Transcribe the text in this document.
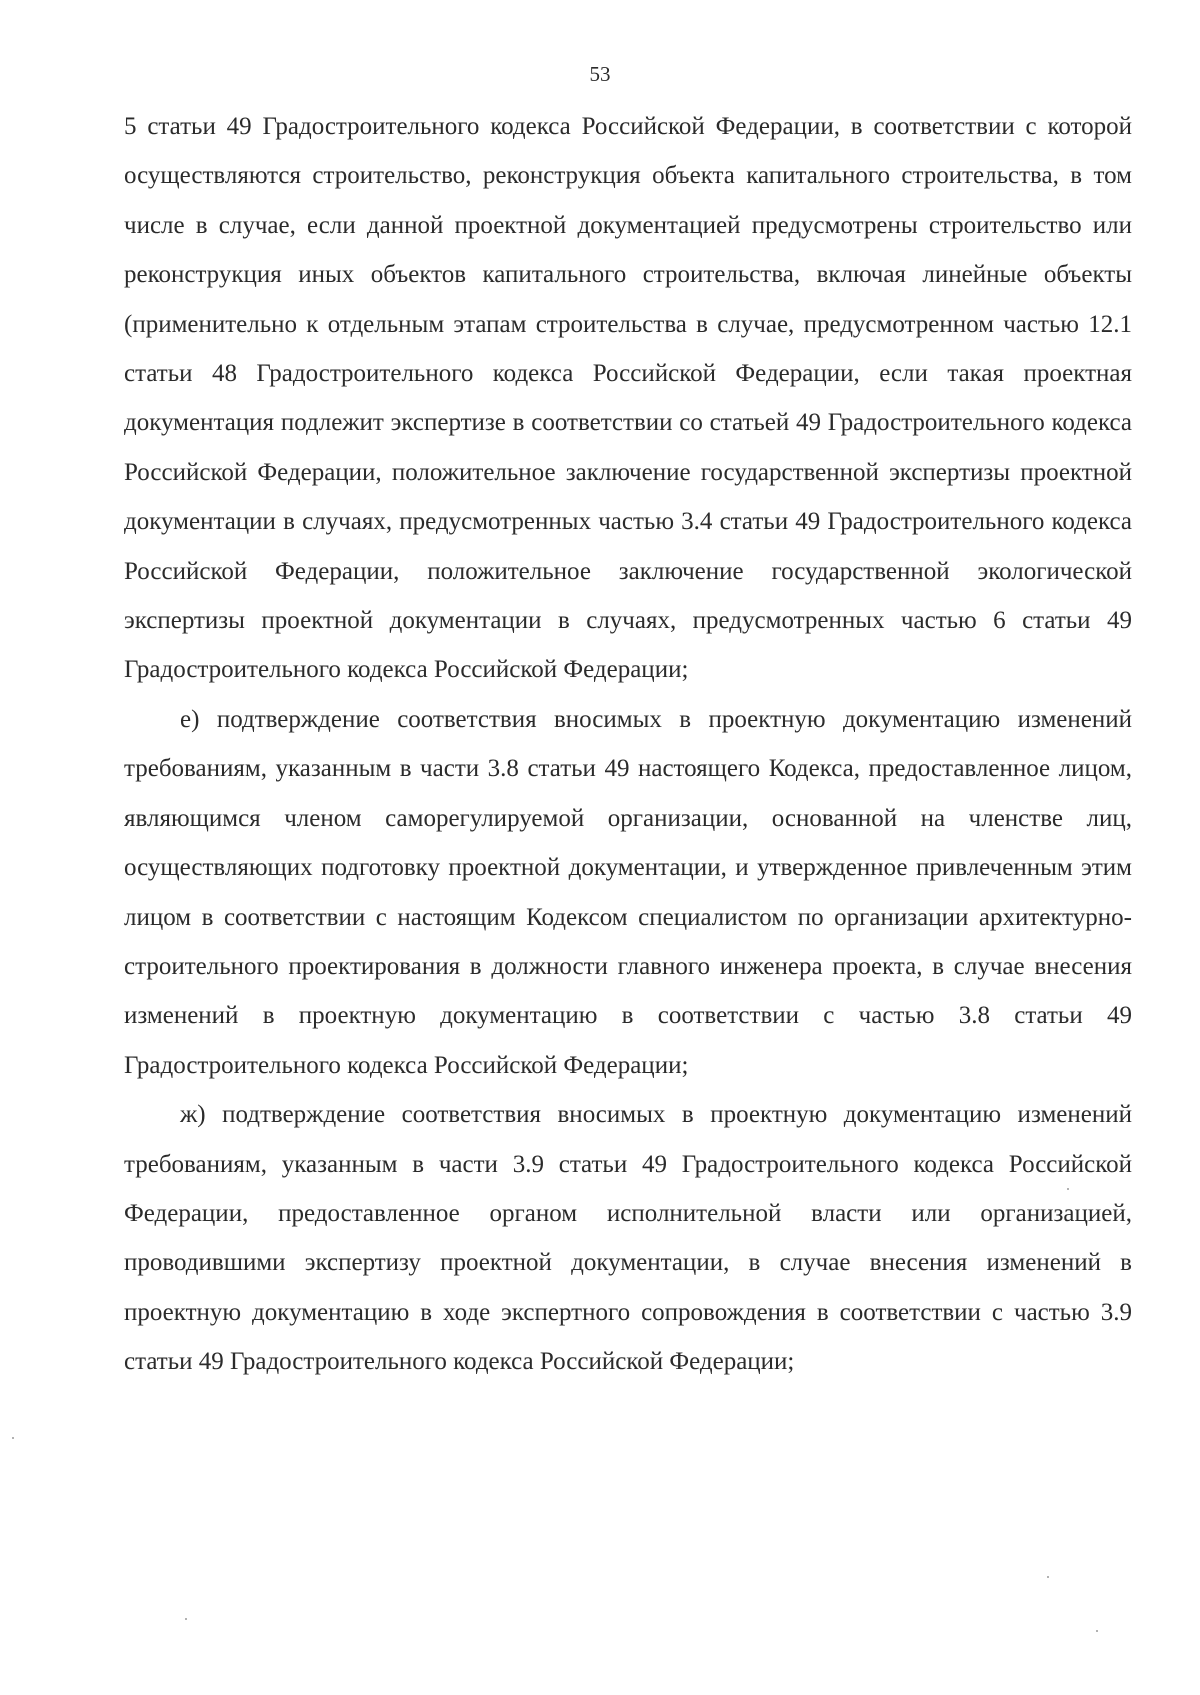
53

5 статьи 49 Градостроительного кодекса Российской Федерации, в соответствии с которой осуществляются строительство, реконструкция объекта капитального строительства, в том числе в случае, если данной проектной документацией предусмотрены строительство или реконструкция иных объектов капитального строительства, включая линейные объекты (применительно к отдельным этапам строительства в случае, предусмотренном частью 12.1 статьи 48 Градостроительного кодекса Российской Федерации, если такая проектная документация подлежит экспертизе в соответствии со статьей 49 Градостроительного кодекса Российской Федерации, положительное заключение государственной экспертизы проектной документации в случаях, предусмотренных частью 3.4 статьи 49 Градостроительного кодекса Российской Федерации, положительное заключение государственной экологической экспертизы проектной документации в случаях, предусмотренных частью 6 статьи 49 Градостроительного кодекса Российской Федерации;

е) подтверждение соответствия вносимых в проектную документацию изменений требованиям, указанным в части 3.8 статьи 49 настоящего Кодекса, предоставленное лицом, являющимся членом саморегулируемой организации, основанной на членстве лиц, осуществляющих подготовку проектной документации, и утвержденное привлеченным этим лицом в соответствии с настоящим Кодексом специалистом по организации архитектурно-строительного проектирования в должности главного инженера проекта, в случае внесения изменений в проектную документацию в соответствии с частью 3.8 статьи 49 Градостроительного кодекса Российской Федерации;

ж) подтверждение соответствия вносимых в проектную документацию изменений требованиям, указанным в части 3.9 статьи 49 Градостроительного кодекса Российской Федерации, предоставленное органом исполнительной власти или организацией, проводившими экспертизу проектной документации, в случае внесения изменений в проектную документацию в ходе экспертного сопровождения в соответствии с частью 3.9 статьи 49 Градостроительного кодекса Российской Федерации;
